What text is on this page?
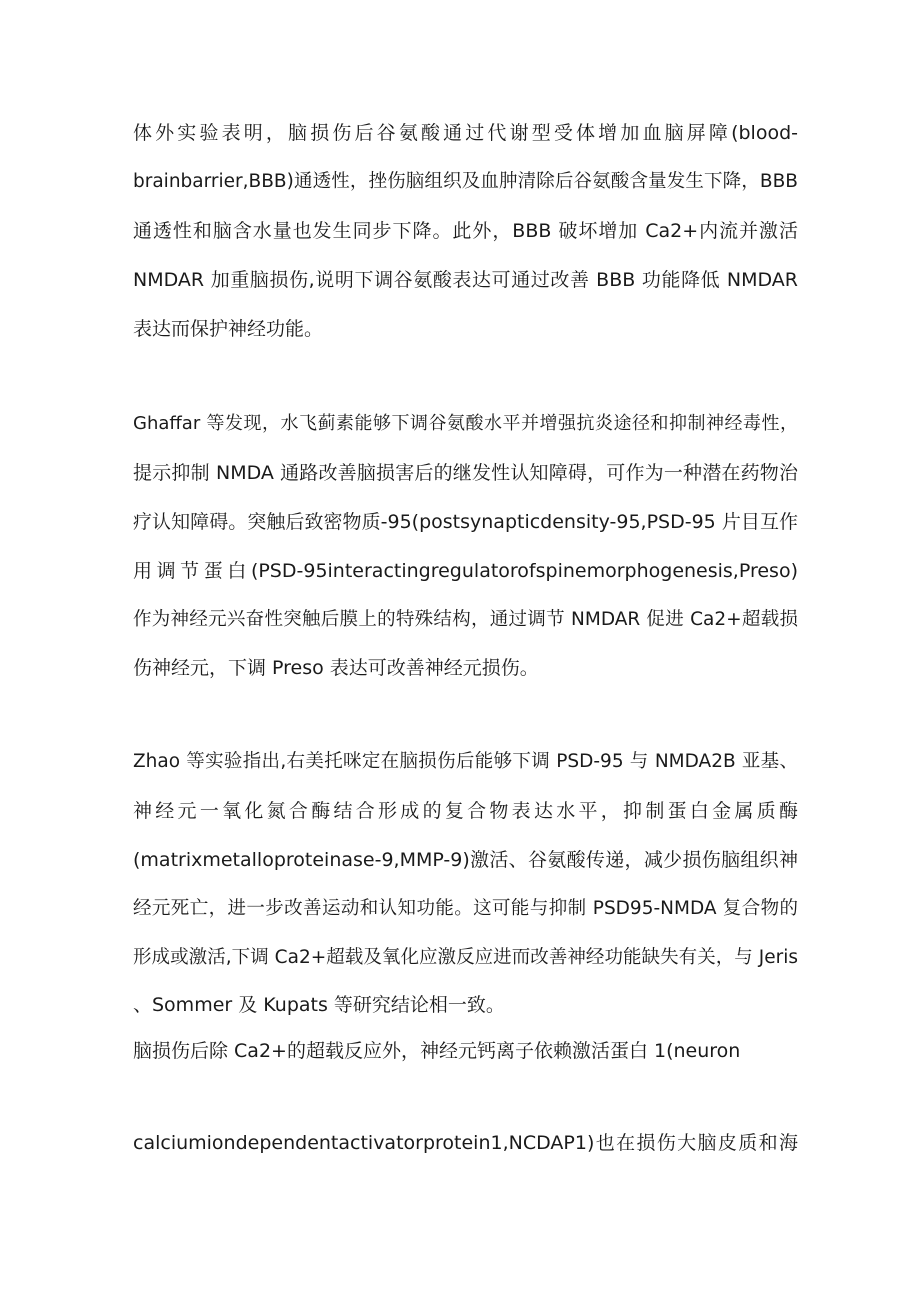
体外实验表明，脑损伤后谷氨酸通过代谢型受体增加血脑屏障(blood-
brainbarrier,BBB)通透性，挫伤脑组织及血肿清除后谷氨酸含量发生下降，BBB
通透性和脑含水量也发生同步下降。此外，BBB 破坏增加 Ca2+内流并激活
NMDAR 加重脑损伤,说明下调谷氨酸表达可通过改善 BBB 功能降低 NMDAR
表达而保护神经功能。
Ghaffar 等发现，水飞蓟素能够下调谷氨酸水平并增强抗炎途径和抑制神经毒性，
提示抑制 NMDA 通路改善脑损害后的继发性认知障碍，可作为一种潜在药物治
疗认知障碍。突触后致密物质-95(postsynapticdensity-95,PSD-95 片目互作
用调节蛋白(PSD-95interactingregulatorofspinemorphogenesis,Preso)
作为神经元兴奋性突触后膜上的特殊结构，通过调节 NMDAR 促进 Ca2+超载损
伤神经元，下调 Preso 表达可改善神经元损伤。
Zhao 等实验指出,右美托咪定在脑损伤后能够下调 PSD-95 与 NMDA2B 亚基、
神经元一氧化氮合酶结合形成的复合物表达水平，抑制蛋白金属质酶
(matrixmetalloproteinase-9,MMP-9)激活、谷氨酸传递，减少损伤脑组织神
经元死亡，进一步改善运动和认知功能。这可能与抑制 PSD95-NMDA 复合物的
形成或激活,下调 Ca2+超载及氧化应激反应进而改善神经功能缺失有关，与 Jeris
、Sommer 及 Kupats 等研究结论相一致。
脑损伤后除 Ca2+的超载反应外，神经元钙离子依赖激活蛋白 1(neuron
calciumiondependentactivatorprotein1,NCDAP1)也在损伤大脑皮质和海
